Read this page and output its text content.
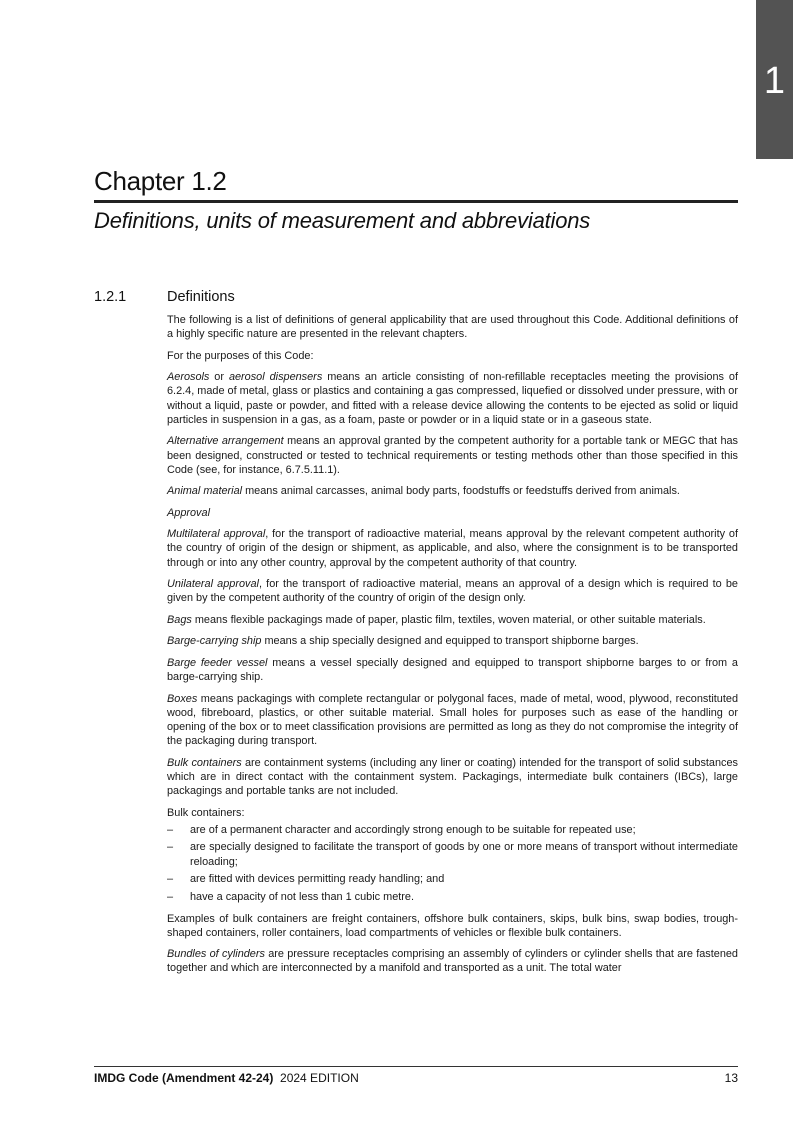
1
Chapter 1.2
Definitions, units of measurement and abbreviations
1.2.1	Definitions

The following is a list of definitions of general applicability that are used throughout this Code. Additional definitions of a highly specific nature are presented in the relevant chapters.

For the purposes of this Code:

Aerosols or aerosol dispensers means an article consisting of non-refillable receptacles meeting the provisions of 6.2.4, made of metal, glass or plastics and containing a gas compressed, liquefied or dissolved under pressure, with or without a liquid, paste or powder, and fitted with a release device allowing the contents to be ejected as solid or liquid particles in suspension in a gas, as a foam, paste or powder or in a liquid state or in a gaseous state.

Alternative arrangement means an approval granted by the competent authority for a portable tank or MEGC that has been designed, constructed or tested to technical requirements or testing methods other than those specified in this Code (see, for instance, 6.7.5.11.1).

Animal material means animal carcasses, animal body parts, foodstuffs or feedstuffs derived from animals.

Approval

Multilateral approval, for the transport of radioactive material, means approval by the relevant competent authority of the country of origin of the design or shipment, as applicable, and also, where the consignment is to be transported through or into any other country, approval by the competent authority of that country.

Unilateral approval, for the transport of radioactive material, means an approval of a design which is required to be given by the competent authority of the country of origin of the design only.

Bags means flexible packagings made of paper, plastic film, textiles, woven material, or other suitable materials.

Barge-carrying ship means a ship specially designed and equipped to transport shipborne barges.

Barge feeder vessel means a vessel specially designed and equipped to transport shipborne barges to or from a barge-carrying ship.

Boxes means packagings with complete rectangular or polygonal faces, made of metal, wood, plywood, reconstituted wood, fibreboard, plastics, or other suitable material. Small holes for purposes such as ease of the handling or opening of the box or to meet classification provisions are permitted as long as they do not compromise the integrity of the packaging during transport.

Bulk containers are containment systems (including any liner or coating) intended for the transport of solid substances which are in direct contact with the containment system. Packagings, intermediate bulk containers (IBCs), large packagings and portable tanks are not included.

Bulk containers:

– are of a permanent character and accordingly strong enough to be suitable for repeated use;
– are specially designed to facilitate the transport of goods by one or more means of transport without intermediate reloading;
– are fitted with devices permitting ready handling; and
– have a capacity of not less than 1 cubic metre.

Examples of bulk containers are freight containers, offshore bulk containers, skips, bulk bins, swap bodies, trough-shaped containers, roller containers, load compartments of vehicles or flexible bulk containers.

Bundles of cylinders are pressure receptacles comprising an assembly of cylinders or cylinder shells that are fastened together and which are interconnected by a manifold and transported as a unit. The total water

IMDG Code (Amendment 42-24) 2024 EDITION	13
